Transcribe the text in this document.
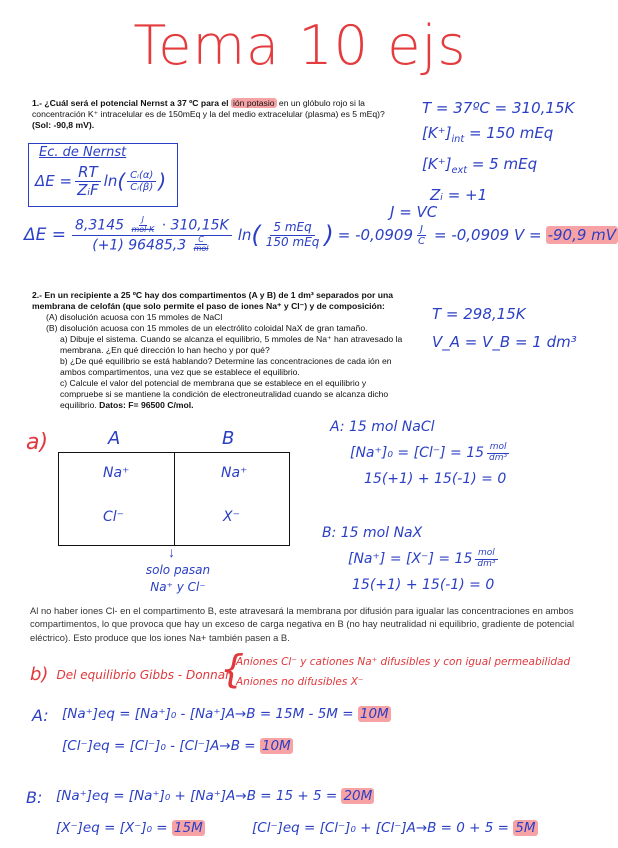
Tema 10 ejs
1.- ¿Cuál será el potencial Nernst a 37 ºC para el ión potasio en un glóbulo rojo si la concentración K⁺ intracelular es de 150mEq y la del medio extracelular (plasma) es 5 mEq)? (Sol: -90,8 mV).
T = 37ºC = 310,15K
$[K^+]_{int} = 150$ mEq
$[K^+]_{ext} = 5$ mEq
Zᵢ = +1
Ec. de Nernst
$\Delta E = \frac{RT}{\text{ZᵢF}}$ ln ( $\frac{\text{Cᵢ(α)}}{\text{Cᵢ(β)}}$ )
J = VC
$\Delta E = \frac{8,3145 \frac{J}{\text{mol·K}} \cdot 310,15K}{(+1) 96485,3 \frac{C}{\text{mol}}}$ ln ( $\frac{\text{5 mEq}}{\text{150 mEq}}$ ) = $-0,0909 \frac{J}{C} = -0,0909$ V = -90,9 mV
2.- En un recipiente a 25 ºC hay dos compartimentos (A y B) de 1 dm³ separados por una membrana de celofán (que solo permite el paso de iones Na⁺ y Cl⁻) y de composición:
(A) disolución acuosa con 15 mmoles de NaCl
(B) disolución acuosa con 15 mmoles de un electrólito coloidal NaX de gran tamaño.
a) Dibuje el sistema. Cuando se alcanza el equilibrio, 5 mmoles de Na⁺ han atravesado la membrana. ¿En qué dirección lo han hecho y por qué?
b) ¿De qué equilibrio se está hablando? Determine las concentraciones de cada ión en ambos compartimentos, una vez que se establece el equilibrio.
c) Calcule el valor del potencial de membrana que se establece en el equilibrio y compruebe si se mantiene la condición de electroneutralidad cuando se alcanza dicho equilibrio. Datos: F= 96500 C/mol.
T = 298,15K
V_A = V_B = 1 dm³
a)	A	B
Na⁺
Cl⁻
Na⁺
X⁻
↓
solo pasan
Na⁺ y Cl⁻
A: 15 mol NaCl
$[Na^+]_0 = [Cl^-] = 15 \frac{\text{mol}}{\text{dm³}}$
15(+1) + 15(-1) = 0
B: 15 mol NaX
$[Na^+] = [X^-] = 15 \frac{\text{mol}}{\text{dm³}}$
15(+1) + 15(-1) = 0
Al no haber iones Cl- en el compartimento B, este atravesará la membrana por difusión para igualar las concentraciones en ambos compartimentos, lo que provoca que hay un exceso de carga negativa en B (no hay neutralidad ni equilibrio, gradiente de potencial eléctrico). Esto produce que los iones Na+ también pasen a B.
b) Del equilibrio Gibbs - Donnan
{
Aniones Cl⁻ y cationes Na⁺ difusibles y con igual permeabilidad
Aniones no difusibles X⁻
A: [Na⁺]eq = [Na⁺]₀ - [Na⁺]A→B = 15M - 5M = 10M
[Cl⁻]eq = [Cl⁻]₀ - [Cl⁻]A→B = 10M
B: [Na⁺]eq = [Na⁺]₀ + [Na⁺]A→B = 15 + 5 = 20M
[X⁻]eq = [X⁻]₀ = 15M	[Cl⁻]eq = [Cl⁻]₀ + [Cl⁻]A→B = 0 + 5 = 5M
